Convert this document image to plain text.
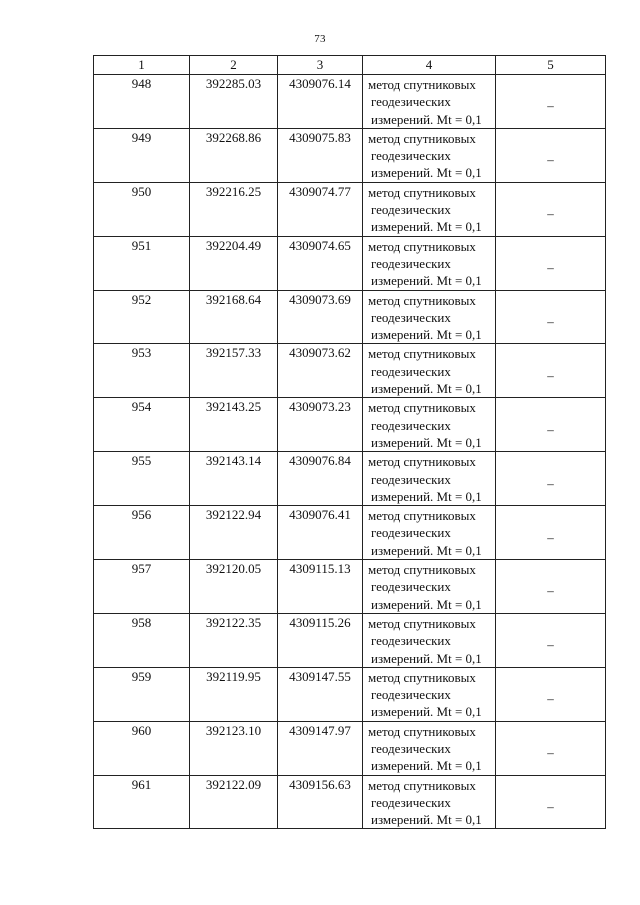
73
1	2	3	4	5
948	392285.03	4309076.14	метод спутниковых
геодезических
измерений. Mt = 0,1	–
949	392268.86	4309075.83	метод спутниковых
геодезических
измерений. Mt = 0,1	–
950	392216.25	4309074.77	метод спутниковых
геодезических
измерений. Mt = 0,1	–
951	392204.49	4309074.65	метод спутниковых
геодезических
измерений. Mt = 0,1	–
952	392168.64	4309073.69	метод спутниковых
геодезических
измерений. Mt = 0,1	–
953	392157.33	4309073.62	метод спутниковых
геодезических
измерений. Mt = 0,1	–
954	392143.25	4309073.23	метод спутниковых
геодезических
измерений. Mt = 0,1	–
955	392143.14	4309076.84	метод спутниковых
геодезических
измерений. Mt = 0,1	–
956	392122.94	4309076.41	метод спутниковых
геодезических
измерений. Mt = 0,1	–
957	392120.05	4309115.13	метод спутниковых
геодезических
измерений. Mt = 0,1	–
958	392122.35	4309115.26	метод спутниковых
геодезических
измерений. Mt = 0,1	–
959	392119.95	4309147.55	метод спутниковых
геодезических
измерений. Mt = 0,1	–
960	392123.10	4309147.97	метод спутниковых
геодезических
измерений. Mt = 0,1	–
961	392122.09	4309156.63	метод спутниковых
геодезических
измерений. Mt = 0,1	–
